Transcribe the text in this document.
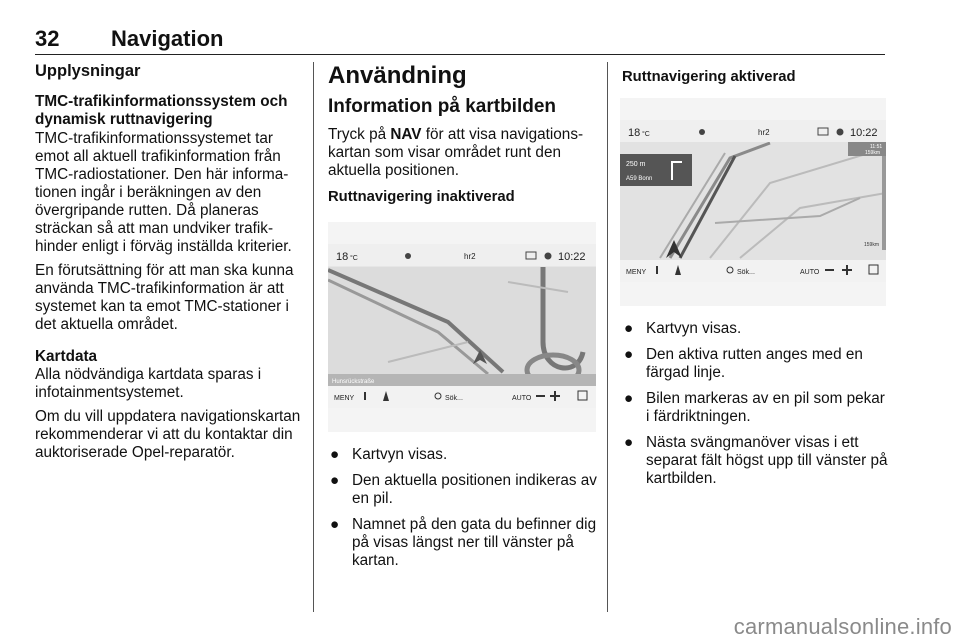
32 Navigation
Upplysningar
TMC-trafikinformationssystem och dynamisk ruttnavigering

TMC-trafikinformationssystemet tar emot all aktuell trafikinformation från TMC-radiostationer. Den här informationen ingår i beräkningen av den övergripande rutten. Då planeras sträckan så att man undviker trafikhinder enligt i förväg inställda kriterier.

En förutsättning för att man ska kunna använda TMC-trafikinformation är att systemet kan ta emot TMC-stationer i det aktuella området.

Kartdata

Alla nödvändiga kartdata sparas i infotainmentsystemet.

Om du vill uppdatera navigationskartan rekommenderar vi att du kontaktar din auktoriserade Opel-reparatör.

Användning
Information på kartbilden

Tryck på NAV för att visa navigationskartan som visar området runt den aktuella positionen.

Ruttnavigering inaktiverad
18 °C	hr2	10:22
Hunsrückstraße
MENY	Sök...	AUTO
● Kartvyn visas.
● Den aktuella positionen indikeras av en pil.
● Namnet på den gata du befinner dig på visas längst ner till vänster på kartan.
Ruttnavigering aktiverad
18 °C	hr2	10:22
250 m
A59 Bonn
11:51
159km
159km
MENY	Sök...	AUTO
● Kartvyn visas.
● Den aktiva rutten anges med en färgad linje.
● Bilen markeras av en pil som pekar i färdriktningen.
● Nästa svängmanöver visas i ett separat fält högst upp till vänster på kartbilden.
carmanualsonline.info
